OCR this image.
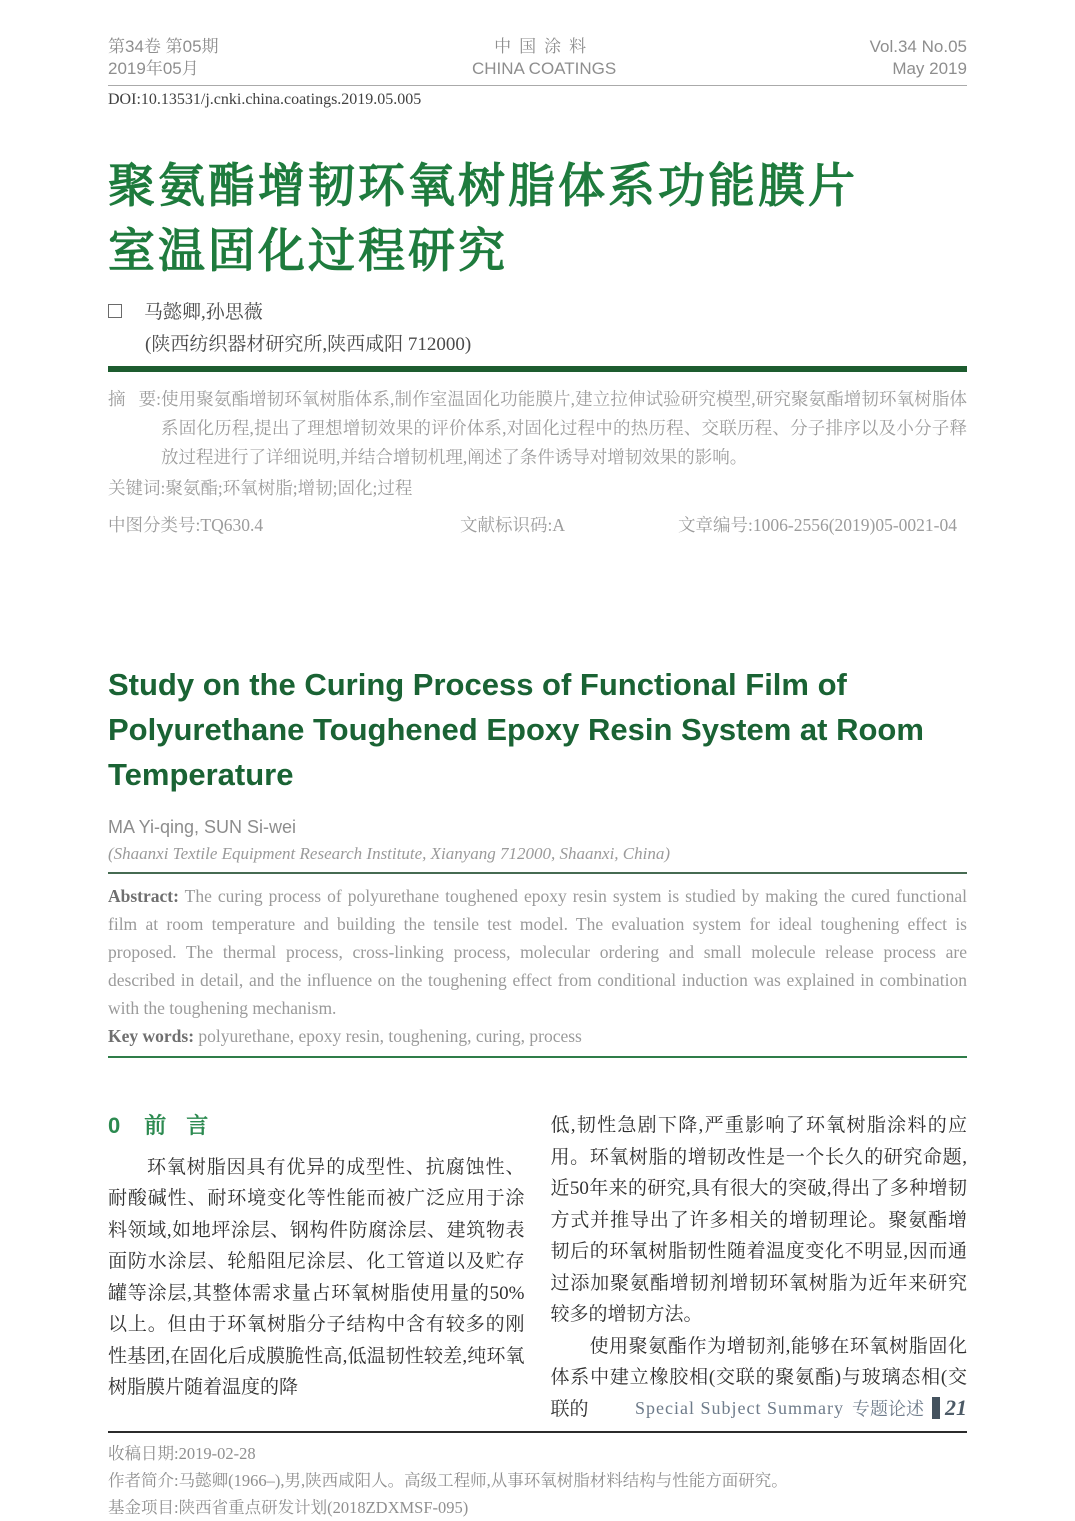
第34卷 第05期
2019年05月
中国涂料
CHINA COATINGS
Vol.34 No.05
May 2019
DOI:10.13531/j.cnki.china.coatings.2019.05.005
聚氨酯增韧环氧树脂体系功能膜片
室温固化过程研究
马懿卿,孙思薇
(陕西纺织器材研究所,陕西咸阳 712000)
摘   要: 使用聚氨酯增韧环氧树脂体系,制作室温固化功能膜片,建立拉伸试验研究模型,研究聚氨酯增韧环氧树脂体系固化历程,提出了理想增韧效果的评价体系,对固化过程中的热历程、交联历程、分子排序以及小分子释放过程进行了详细说明,并结合增韧机理,阐述了条件诱导对增韧效果的影响。
关键词:聚氨酯;环氧树脂;增韧;固化;过程
中图分类号:TQ630.4	文献标识码:A	文章编号:1006-2556(2019)05-0021-04
Study on the Curing Process of Functional Film of Polyurethane Toughened Epoxy Resin System at Room Temperature
MA Yi-qing, SUN Si-wei
(Shaanxi Textile Equipment Research Institute, Xianyang 712000, Shaanxi, China)

Abstract: The curing process of polyurethane toughened epoxy resin system is studied by making the cured functional film at room temperature and building the tensile test model. The evaluation system for ideal toughening effect is proposed. The thermal process, cross-linking process, molecular ordering and small molecule release process are described in detail, and the influence on the toughening effect from conditional induction was explained in combination with the toughening mechanism.

Key words: polyurethane, epoxy resin, toughening, curing, process

0 前言

环氧树脂因具有优异的成型性、抗腐蚀性、耐酸碱性、耐环境变化等性能而被广泛应用于涂料领域,如地坪涂层、钢构件防腐涂层、建筑物表面防水涂层、轮船阻尼涂层、化工管道以及贮存罐等涂层,其整体需求量占环氧树脂使用量的50%以上。但由于环氧树脂分子结构中含有较多的刚性基团,在固化后成膜脆性高,低温韧性较差,纯环氧树脂膜片随着温度的降

低,韧性急剧下降,严重影响了环氧树脂涂料的应用。环氧树脂的增韧改性是一个长久的研究命题,近50年来的研究,具有很大的突破,得出了多种增韧方式并推导出了许多相关的增韧理论。聚氨酯增韧后的环氧树脂韧性随着温度变化不明显,因而通过添加聚氨酯增韧剂增韧环氧树脂为近年来研究较多的增韧方法。

使用聚氨酯作为增韧剂,能够在环氧树脂固化体系中建立橡胶相(交联的聚氨酯)与玻璃态相(交联的

收稿日期:2019-02-28
作者简介:马懿卿(1966–),男,陕西咸阳人。高级工程师,从事环氧树脂材料结构与性能方面研究。
基金项目:陕西省重点研发计划(2018ZDXMSF-095)
Special Subject Summary 专题论述 21
